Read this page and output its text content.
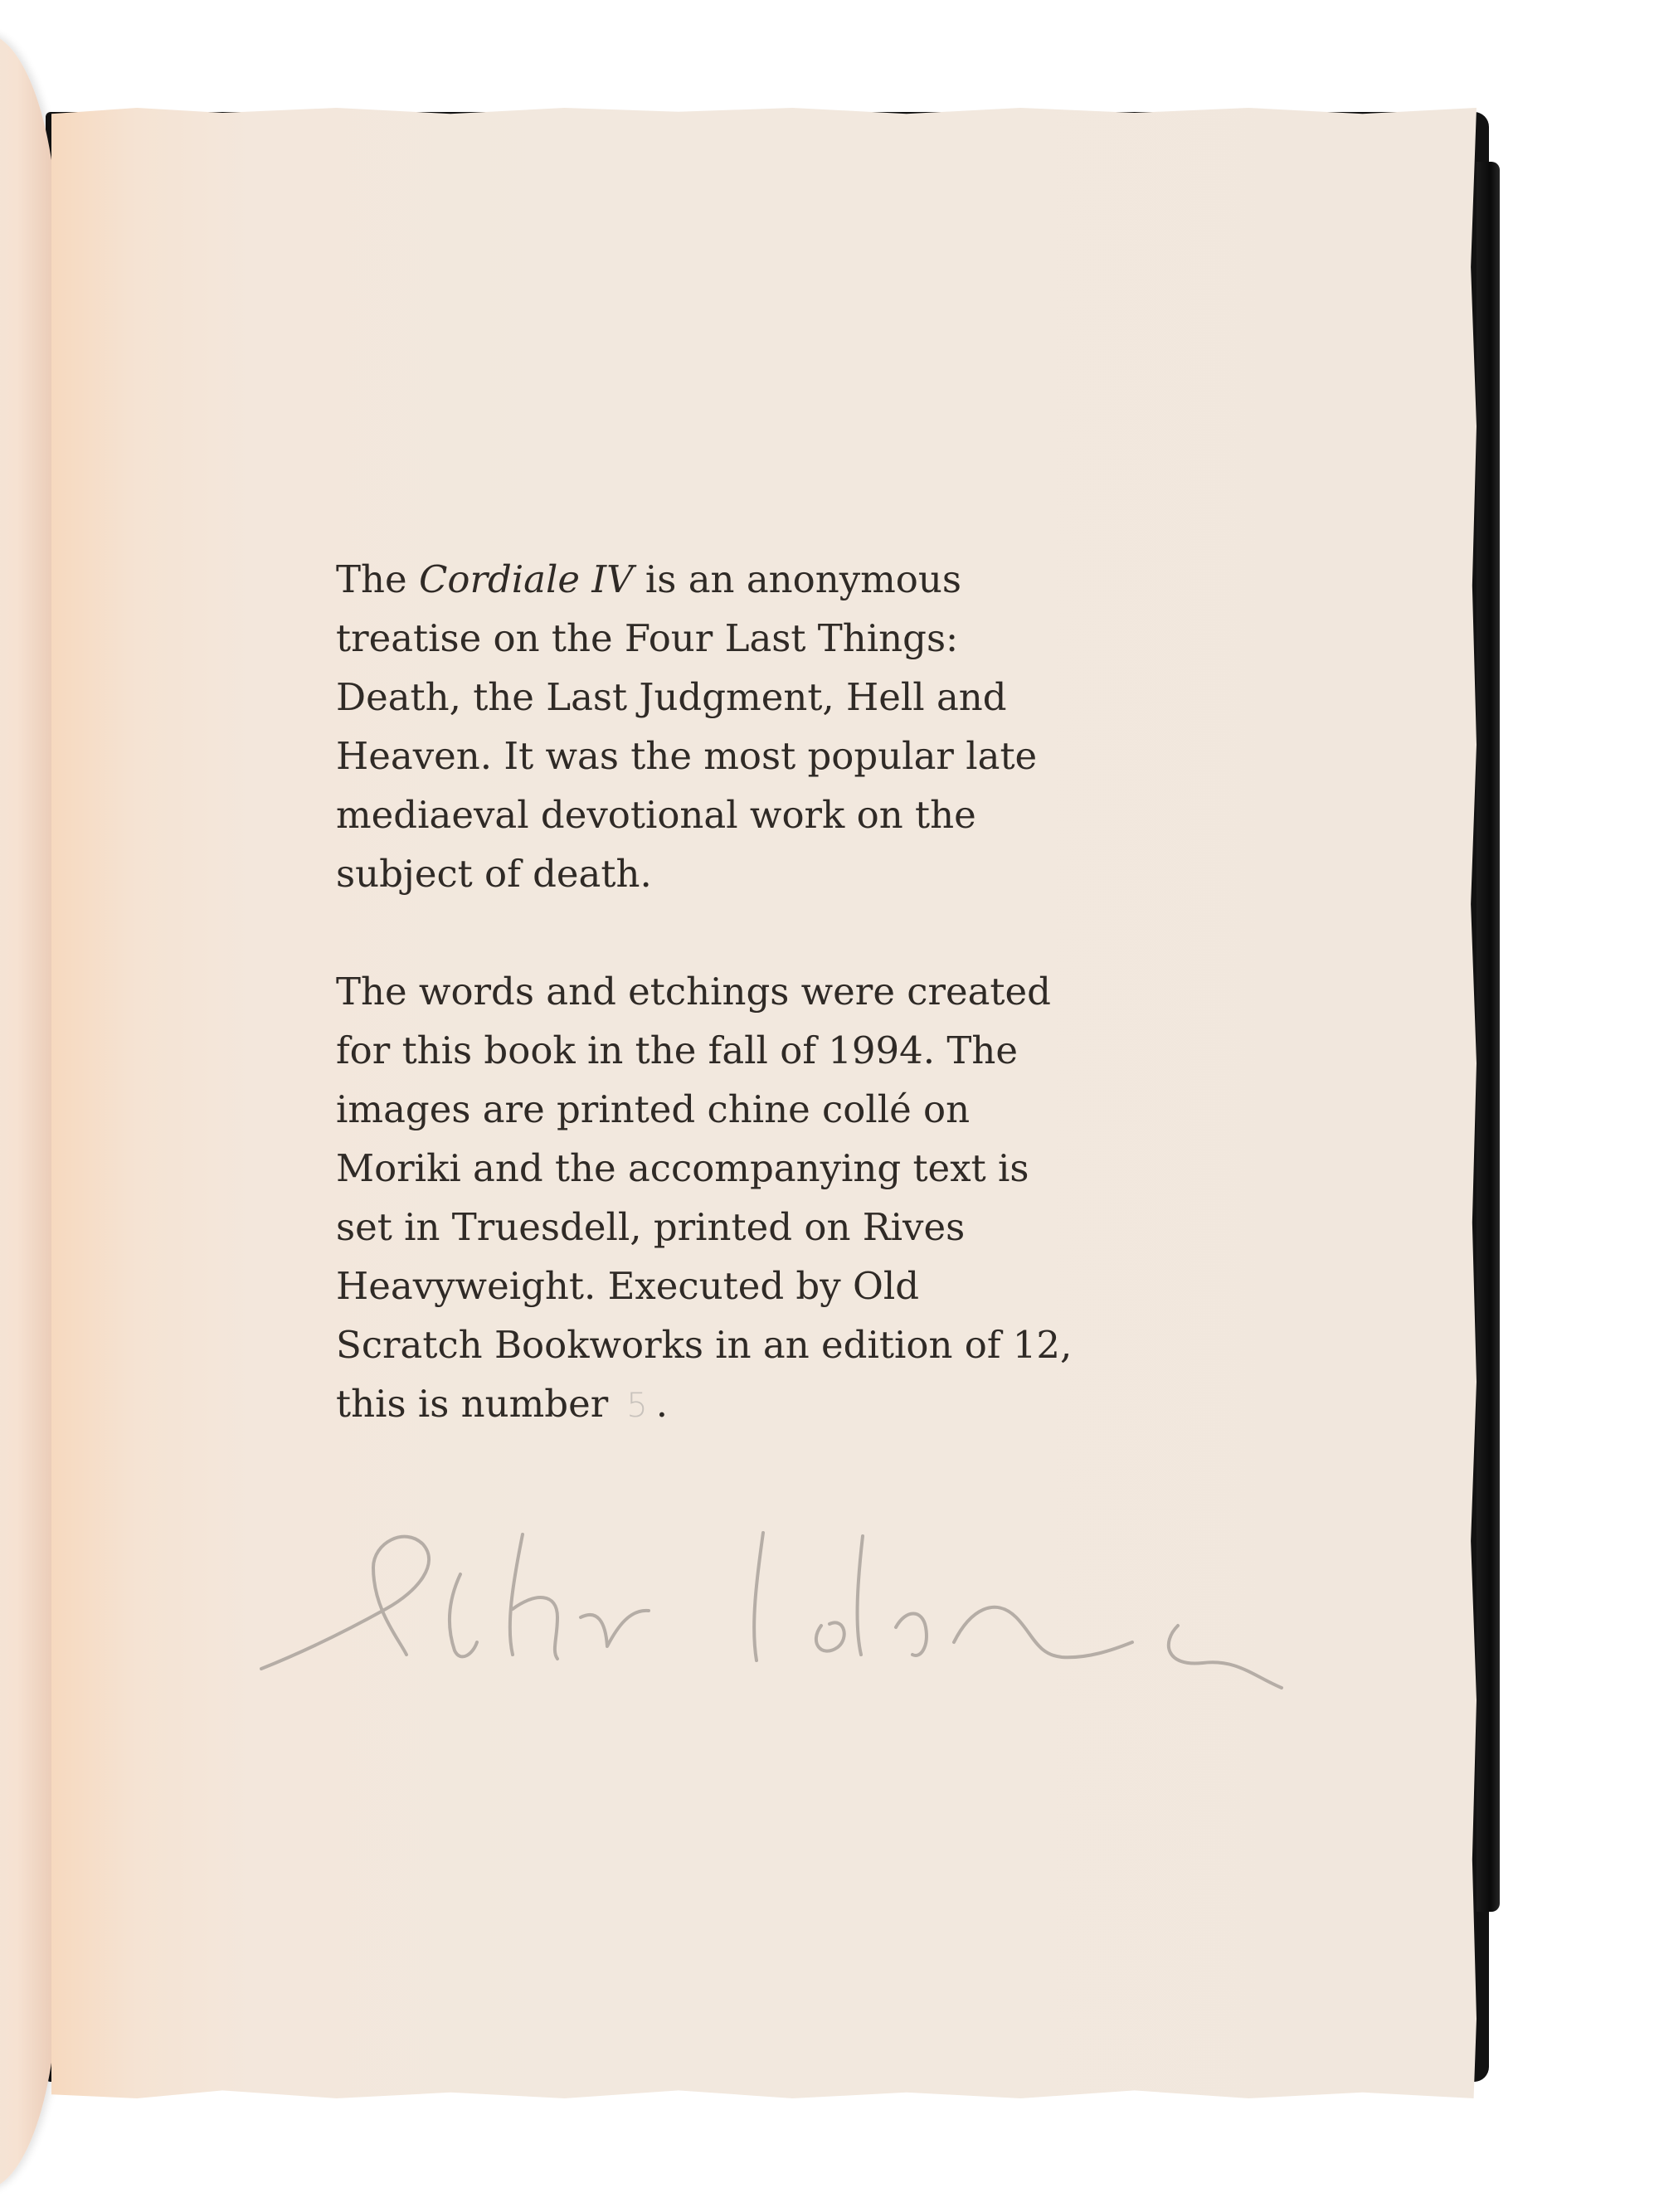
The Cordiale IV is an anonymous
treatise on the Four Last Things:
Death, the Last Judgment, Hell and
Heaven. It was the most popular late
mediaeval devotional work on the
subject of death.

The words and etchings were created
for this book in the fall of 1994. The
images are printed chine collé on
Moriki and the accompanying text is
set in Truesdell, printed on Rives
Heavyweight. Executed by Old
Scratch Bookworks in an edition of 12,
this is number 5 .
